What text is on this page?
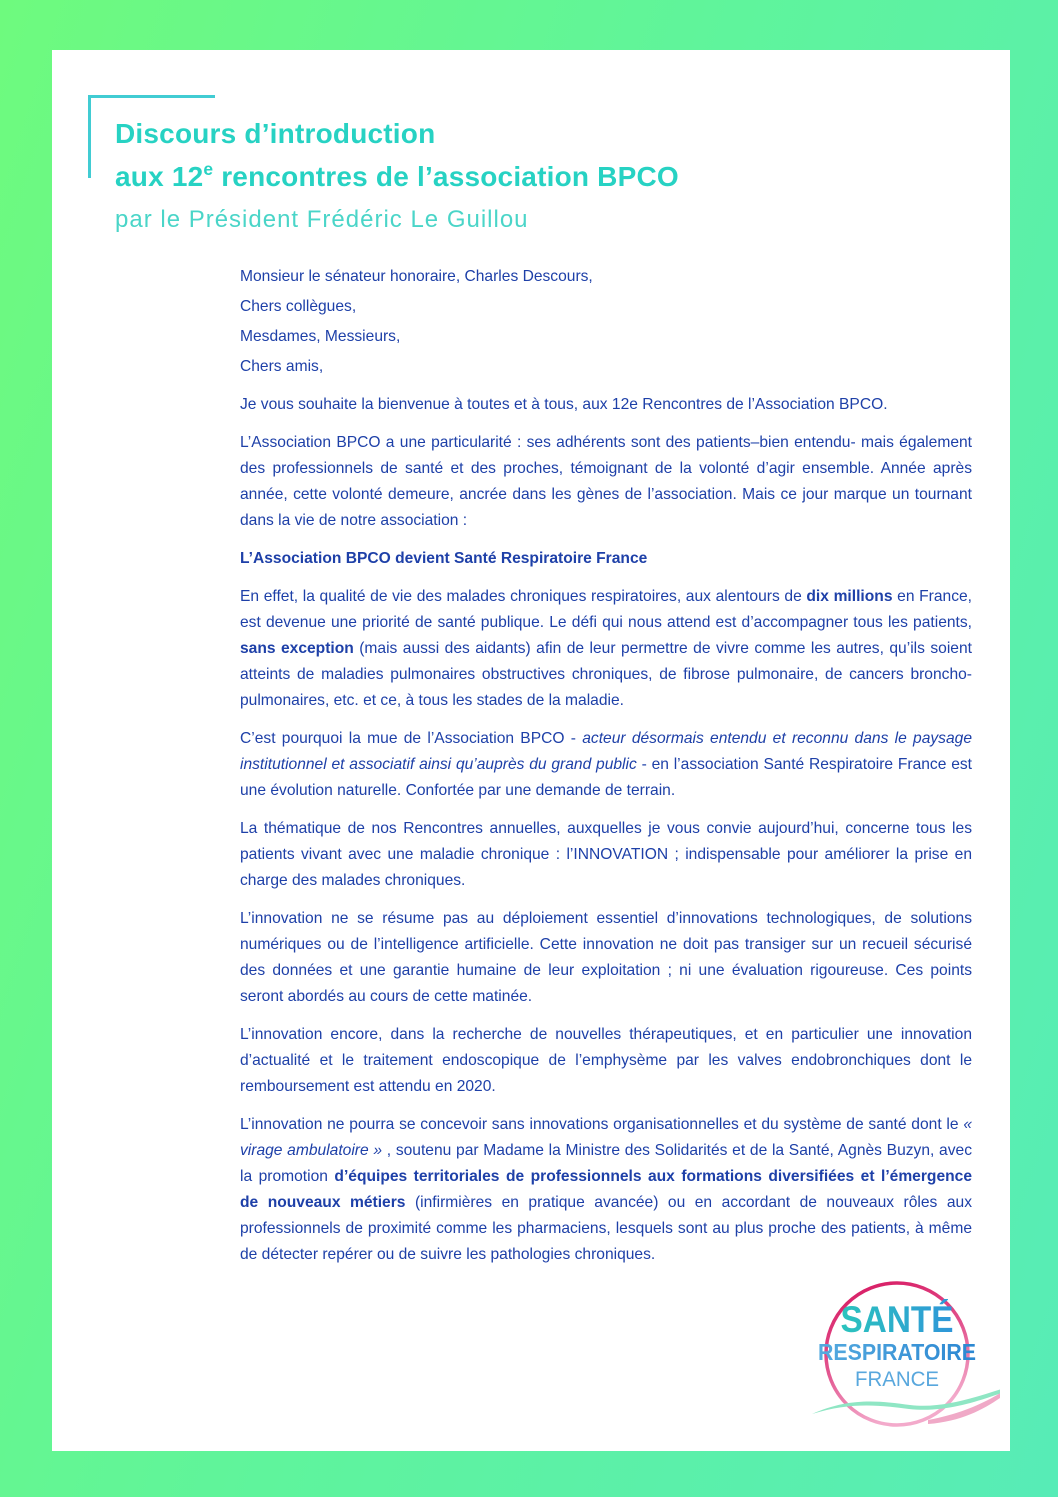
Discours d’introduction
aux 12e rencontres de l’association BPCO

par le Président Frédéric Le Guillou

Monsieur le sénateur honoraire, Charles Descours,

Chers collègues,

Mesdames, Messieurs,

Chers amis,

Je vous souhaite la bienvenue à toutes et à tous, aux 12e Rencontres de l’Association BPCO.

L’Association BPCO a une particularité : ses adhérents sont des patients–bien entendu- mais également des professionnels de santé et des proches, témoignant de la volonté d’agir ensemble. Année après année, cette volonté demeure, ancrée dans les gènes de l’association. Mais ce jour marque un tournant dans la vie de notre association :

L’Association BPCO devient Santé Respiratoire France

En effet, la qualité de vie des malades chroniques respiratoires, aux alentours de dix millions en France, est devenue une priorité de santé publique. Le défi qui nous attend est d’accompagner tous les patients, sans exception (mais aussi des aidants) afin de leur permettre de vivre comme les autres, qu’ils soient atteints de maladies pulmonaires obstructives chroniques, de fibrose pulmonaire, de cancers broncho-pulmonaires, etc. et ce, à tous les stades de la maladie.

C’est pourquoi la mue de l’Association BPCO - acteur désormais entendu et reconnu dans le paysage institutionnel et associatif ainsi qu’auprès du grand public - en l’association Santé Respiratoire France est une évolution naturelle. Confortée par une demande de terrain.

La thématique de nos Rencontres annuelles, auxquelles je vous convie aujourd’hui, concerne tous les patients vivant avec une maladie chronique : l’INNOVATION ; indispensable pour améliorer la prise en charge des malades chroniques.

L’innovation ne se résume pas au déploiement essentiel d’innovations technologiques, de solutions numériques ou de l’intelligence artificielle. Cette innovation ne doit pas transiger sur un recueil sécurisé des données et une garantie humaine de leur exploitation ; ni une évaluation rigoureuse. Ces points seront abordés au cours de cette matinée.

L’innovation encore, dans la recherche de nouvelles thérapeutiques, et en particulier une innovation d’actualité et le traitement endoscopique de l’emphysème par les valves endobronchiques dont le remboursement est attendu en 2020.

L’innovation ne pourra se concevoir sans innovations organisationnelles et du système de santé dont le « virage ambulatoire » , soutenu par Madame la Ministre des Solidarités et de la Santé, Agnès Buzyn, avec la promotion d’équipes territoriales de professionnels aux formations diversifiées et l’émergence de nouveaux métiers (infirmières en pratique avancée) ou en accordant de nouveaux rôles aux professionnels de proximité comme les pharmaciens, lesquels sont au plus proche des patients, à même de détecter repérer ou de suivre les pathologies chroniques.

SANTÉ
RESPIRATOIRE
FRANCE
